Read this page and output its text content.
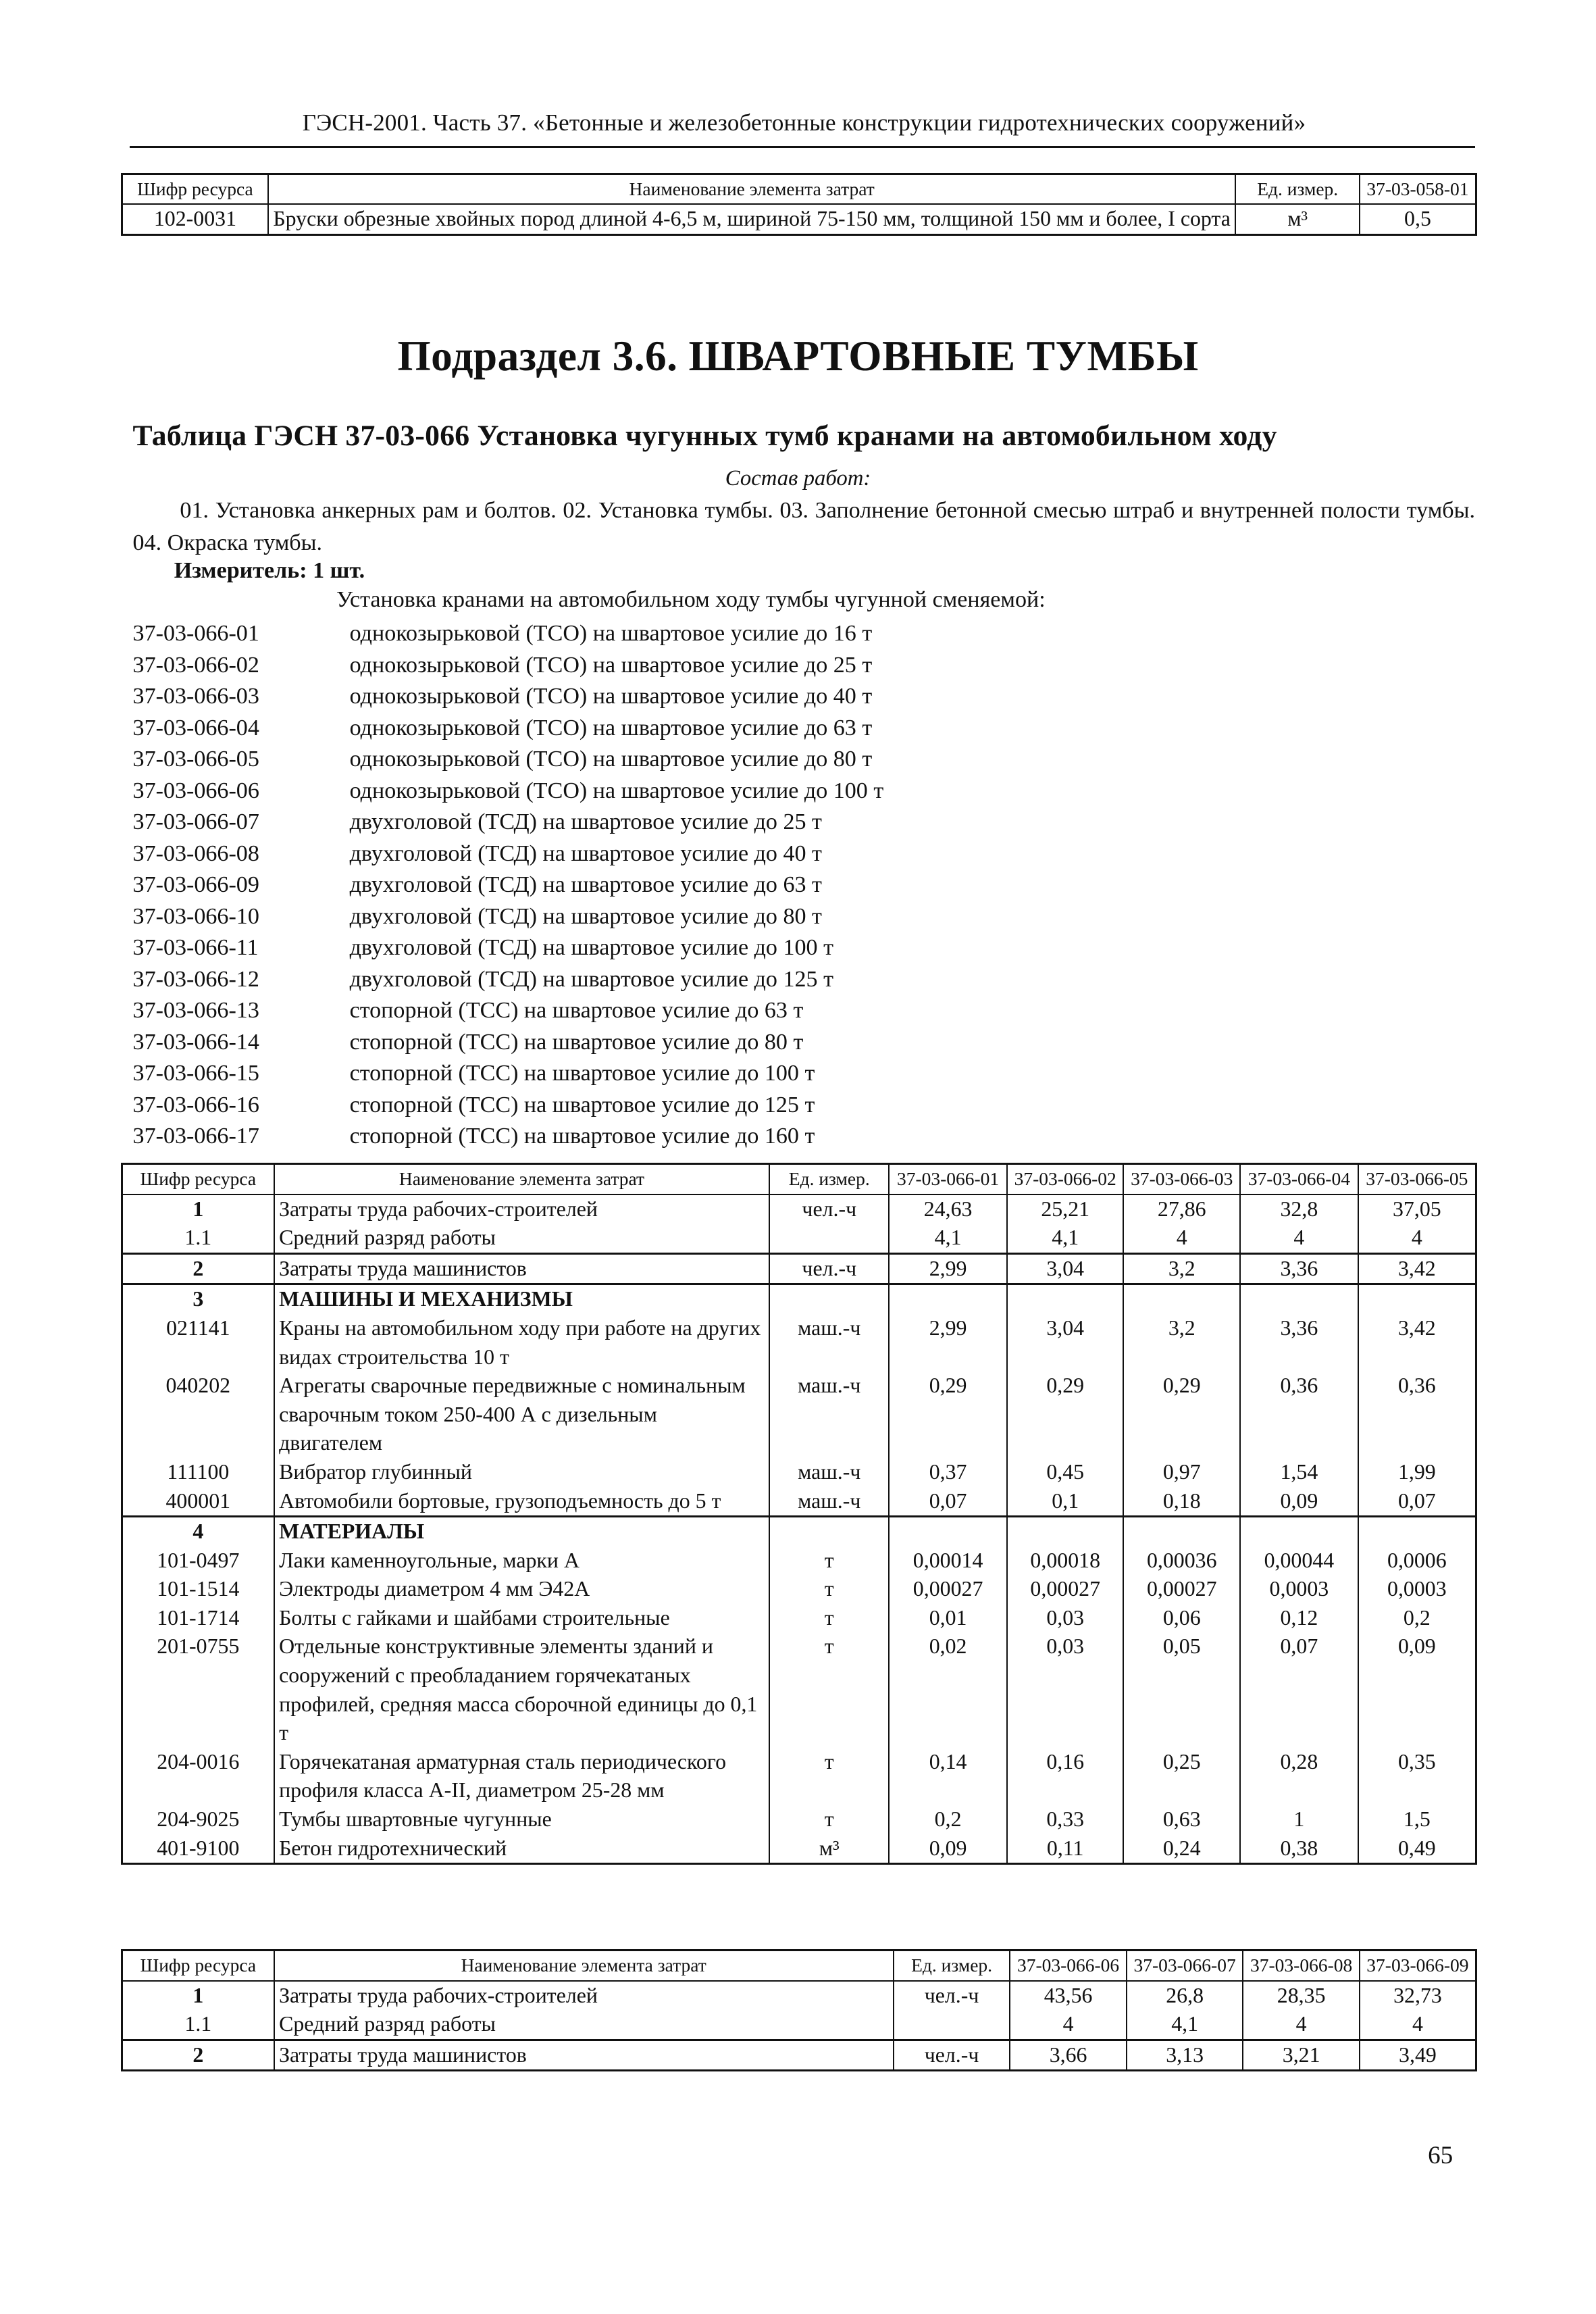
ГЭСН-2001. Часть 37. «Бетонные и железобетонные конструкции гидротехнических сооружений»
Шифр ресурса	Наименование элемента затрат	Ед. измер.	37-03-058-01
102-0031	Бруски обрезные хвойных пород длиной 4-6,5 м, шириной 75-150 мм, толщиной 150 мм и более, I сорта	м³	0,5
Подраздел 3.6. ШВАРТОВНЫЕ ТУМБЫ
Таблица ГЭСН 37-03-066 Установка чугунных тумб кранами на автомобильном ходу
Состав работ:
01. Установка анкерных рам и болтов. 02. Установка тумбы. 03. Заполнение бетонной смесью штраб и внутренней полости тумбы. 04. Окраска тумбы.
Измеритель: 1 шт.
Установка кранами на автомобильном ходу тумбы чугунной сменяемой:
37-03-066-01	однокозырьковой (ТСО) на швартовое усилие до 16 т
37-03-066-02	однокозырьковой (ТСО) на швартовое усилие до 25 т
37-03-066-03	однокозырьковой (ТСО) на швартовое усилие до 40 т
37-03-066-04	однокозырьковой (ТСО) на швартовое усилие до 63 т
37-03-066-05	однокозырьковой (ТСО) на швартовое усилие до 80 т
37-03-066-06	однокозырьковой (ТСО) на швартовое усилие до 100 т
37-03-066-07	двухголовой (ТСД) на швартовое усилие до 25 т
37-03-066-08	двухголовой (ТСД) на швартовое усилие до 40 т
37-03-066-09	двухголовой (ТСД) на швартовое усилие до 63 т
37-03-066-10	двухголовой (ТСД) на швартовое усилие до 80 т
37-03-066-11	двухголовой (ТСД) на швартовое усилие до 100 т
37-03-066-12	двухголовой (ТСД) на швартовое усилие до 125 т
37-03-066-13	стопорной (ТСС) на швартовое усилие до 63 т
37-03-066-14	стопорной (ТСС) на швартовое усилие до 80 т
37-03-066-15	стопорной (ТСС) на швартовое усилие до 100 т
37-03-066-16	стопорной (ТСС) на швартовое усилие до 125 т
37-03-066-17	стопорной (ТСС) на швартовое усилие до 160 т
Шифр ресурса	Наименование элемента затрат	Ед. измер.	37-03-066-01	37-03-066-02	37-03-066-03	37-03-066-04	37-03-066-05
1	Затраты труда рабочих-строителей	чел.-ч	24,63	25,21	27,86	32,8	37,05
1.1	Средний разряд работы		4,1	4,1	4	4	4
2	Затраты труда машинистов	чел.-ч	2,99	3,04	3,2	3,36	3,42
3	МАШИНЫ И МЕХАНИЗМЫ						
021141	Краны на автомобильном ходу при работе на других видах строительства 10 т	маш.-ч	2,99	3,04	3,2	3,36	3,42
040202	Агрегаты сварочные передвижные с номинальным сварочным током 250-400 А с дизельным двигателем	маш.-ч	0,29	0,29	0,29	0,36	0,36
111100	Вибратор глубинный	маш.-ч	0,37	0,45	0,97	1,54	1,99
400001	Автомобили бортовые, грузоподъемность до 5 т	маш.-ч	0,07	0,1	0,18	0,09	0,07
4	МАТЕРИАЛЫ						
101-0497	Лаки каменноугольные, марки А	т	0,00014	0,00018	0,00036	0,00044	0,0006
101-1514	Электроды диаметром 4 мм Э42А	т	0,00027	0,00027	0,00027	0,0003	0,0003
101-1714	Болты с гайками и шайбами строительные	т	0,01	0,03	0,06	0,12	0,2
201-0755	Отдельные конструктивные элементы зданий и сооружений с преобладанием горячекатаных профилей, средняя масса сборочной единицы до 0,1 т	т	0,02	0,03	0,05	0,07	0,09
204-0016	Горячекатаная арматурная сталь периодического профиля класса А-II, диаметром 25-28 мм	т	0,14	0,16	0,25	0,28	0,35
204-9025	Тумбы швартовные чугунные	т	0,2	0,33	0,63	1	1,5
401-9100	Бетон гидротехнический	м³	0,09	0,11	0,24	0,38	0,49
Шифр ресурса	Наименование элемента затрат	Ед. измер.	37-03-066-06	37-03-066-07	37-03-066-08	37-03-066-09
1	Затраты труда рабочих-строителей	чел.-ч	43,56	26,8	28,35	32,73
1.1	Средний разряд работы		4	4,1	4	4
2	Затраты труда машинистов	чел.-ч	3,66	3,13	3,21	3,49
65
